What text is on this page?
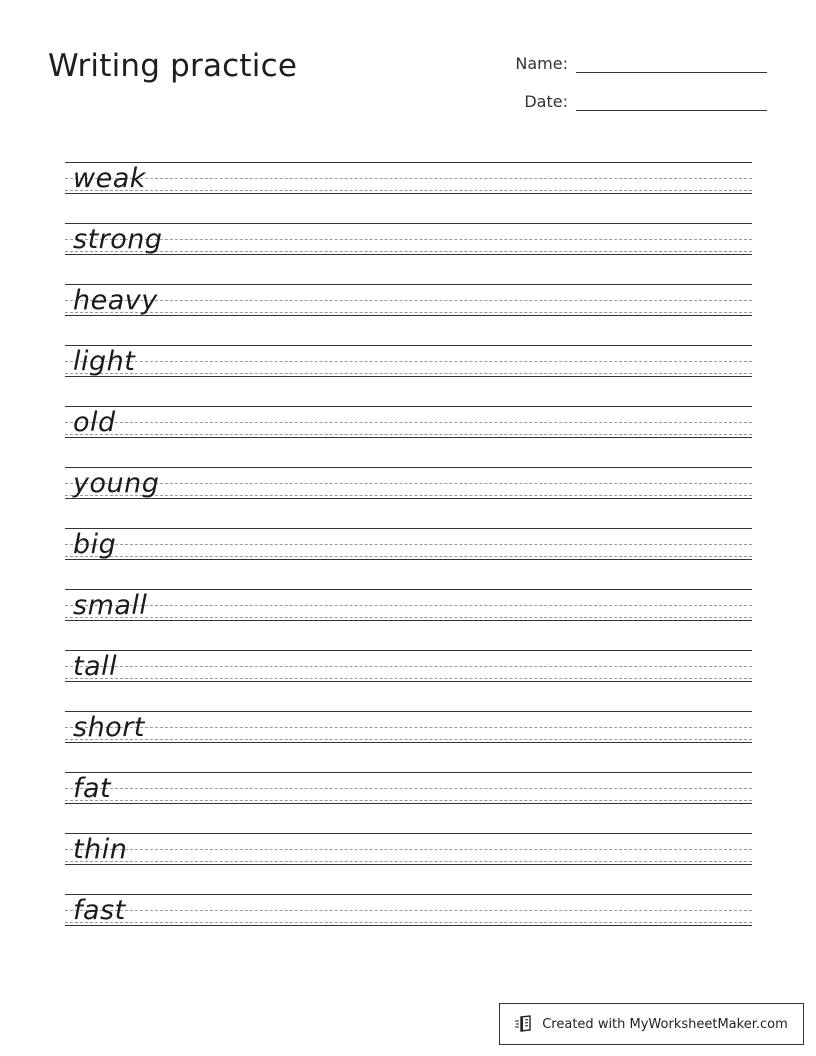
Writing practice	Name:
Date:
weak
strong
heavy
light
old
young
big
small
tall
short
fat
thin
fast
Created with MyWorksheetMaker.com
